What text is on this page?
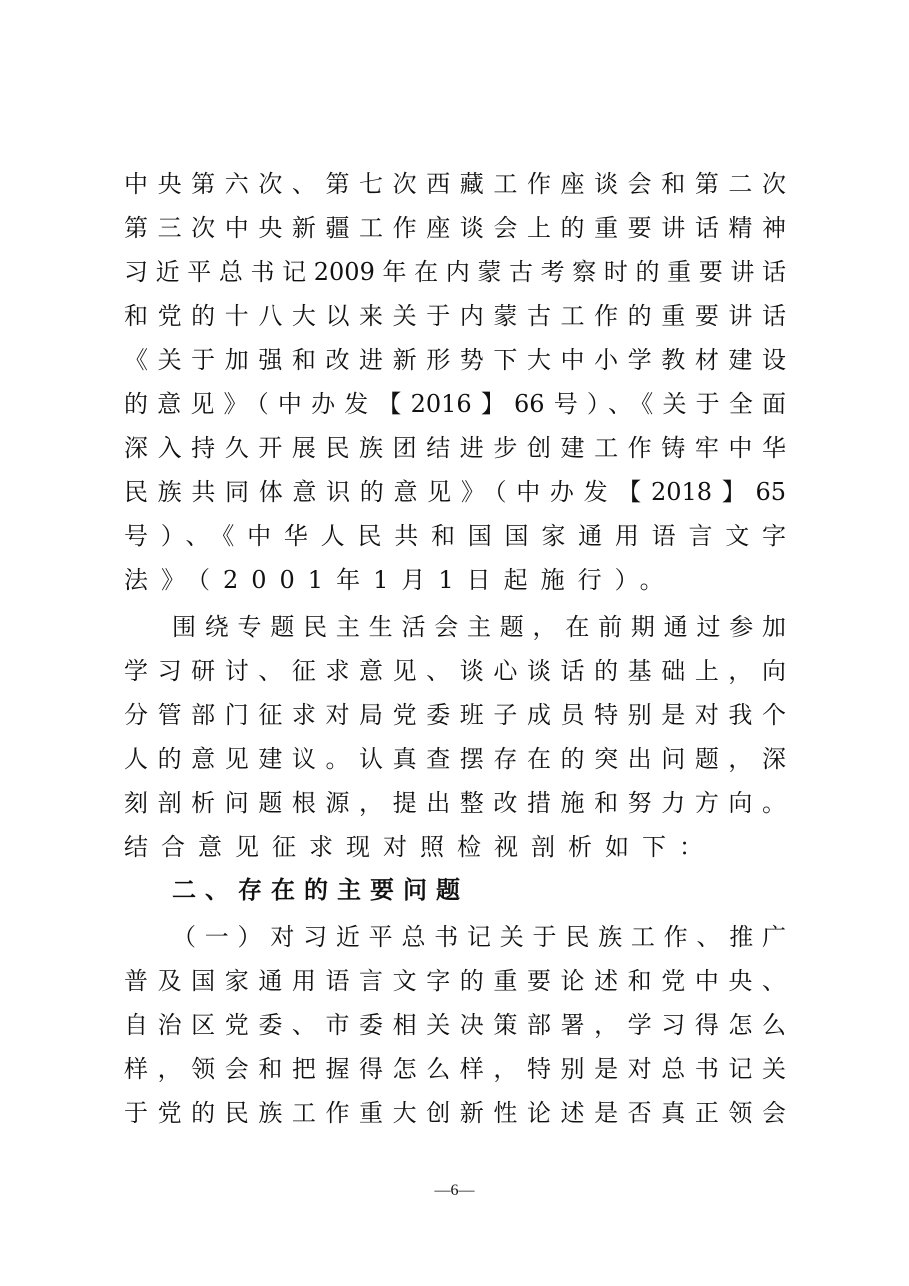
中央第六次、第七次西藏工作座谈会和第二次
第三次中央新疆工作座谈会上的重要讲话精神
习近平总书记2009年在内蒙古考察时的重要讲话
和党的十八大以来关于内蒙古工作的重要讲话
《关于加强和改进新形势下大中小学教材建设
的意见》（中办发【2016】66号）、《关于全面
深入持久开展民族团结进步创建工作铸牢中华
民族共同体意识的意见》（中办发【2018】65
号）、《中华人民共和国国家通用语言文字
法》（2001年1月1日起施行）。
围绕专题民主生活会主题，在前期通过参加
学习研讨、征求意见、谈心谈话的基础上，向
分管部门征求对局党委班子成员特别是对我个
人的意见建议。认真查摆存在的突出问题，深
刻剖析问题根源，提出整改措施和努力方向。
结合意见征求现对照检视剖析如下：
二、存在的主要问题
（一）对习近平总书记关于民族工作、推广
普及国家通用语言文字的重要论述和党中央、
自治区党委、市委相关决策部署，学习得怎么
样，领会和把握得怎么样，特别是对总书记关
于党的民族工作重大创新性论述是否真正领会
—6—
